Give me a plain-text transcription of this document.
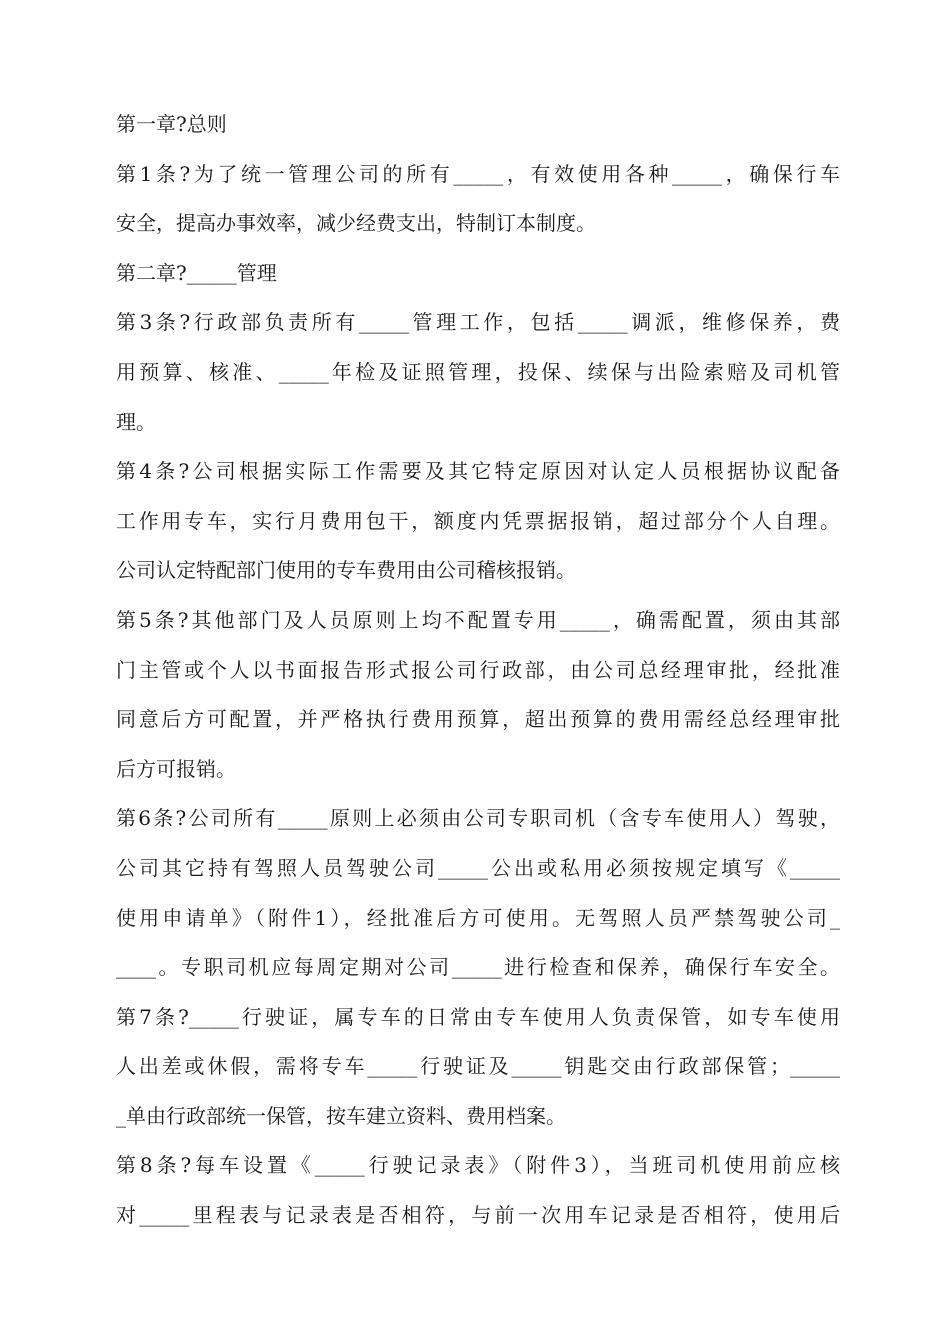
第一章?总则
第1条?为了统一管理公司的所有_____，有效使用各种_____，确保行车
安全，提高办事效率，减少经费支出，特制订本制度。
第二章?_____管理
第3条?行政部负责所有_____管理工作，包括_____调派，维修保养，费
用预算、核准、_____年检及证照管理，投保、续保与出险索赔及司机管
理。
第4条?公司根据实际工作需要及其它特定原因对认定人员根据协议配备
工作用专车，实行月费用包干，额度内凭票据报销，超过部分个人自理。
公司认定特配部门使用的专车费用由公司稽核报销。
第5条?其他部门及人员原则上均不配置专用_____，确需配置，须由其部
门主管或个人以书面报告形式报公司行政部，由公司总经理审批，经批准
同意后方可配置，并严格执行费用预算，超出预算的费用需经总经理审批
后方可报销。
第6条?公司所有_____原则上必须由公司专职司机（含专车使用人）驾驶，
公司其它持有驾照人员驾驶公司_____公出或私用必须按规定填写《_____
使用申请单》（附件1），经批准后方可使用。无驾照人员严禁驾驶公司_
____。专职司机应每周定期对公司_____进行检查和保养，确保行车安全。
第7条?_____行驶证，属专车的日常由专车使用人负责保管，如专车使用
人出差或休假，需将专车_____行驶证及_____钥匙交由行政部保管；_____
_单由行政部统一保管，按车建立资料、费用档案。
第8条?每车设置《_____行驶记录表》（附件3），当班司机使用前应核
对_____里程表与记录表是否相符，与前一次用车记录是否相符，使用后
